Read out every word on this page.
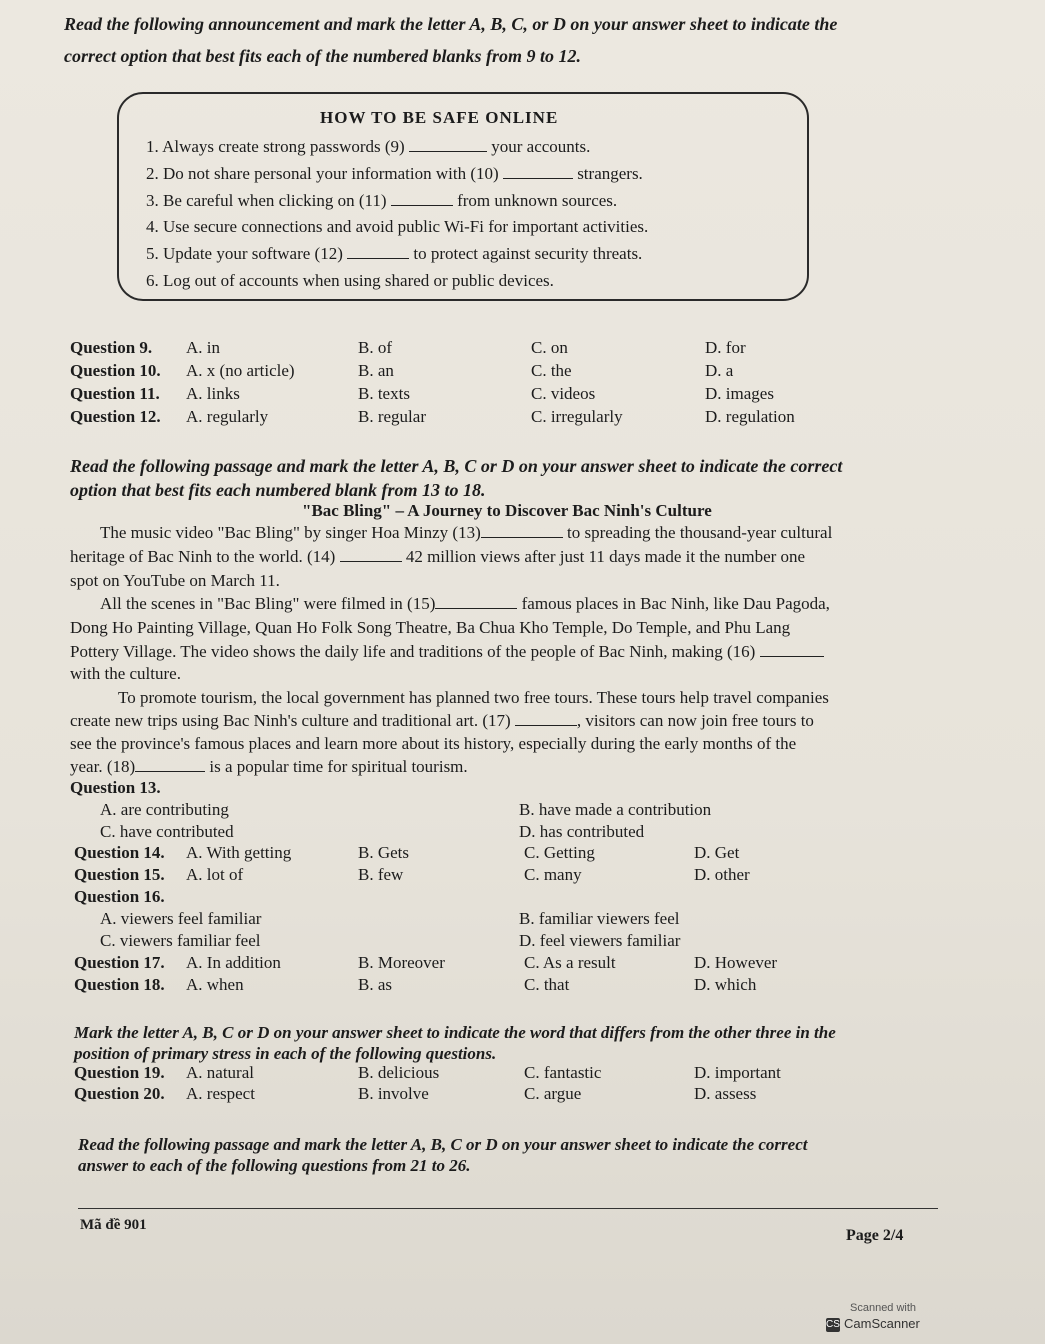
Read the following announcement and mark the letter A, B, C, or D on your answer sheet to indicate the
correct option that best fits each of the numbered blanks from 9 to 12.
HOW TO BE SAFE ONLINE
1. Always create strong passwords (9)	your accounts.
2. Do not share personal your information with (10)	strangers.
3. Be careful when clicking on (11)	from unknown sources.
4. Use secure connections and avoid public Wi-Fi for important activities.
5. Update your software (12)	to protect against security threats.
6. Log out of accounts when using shared or public devices.
Question 9. A. in	B. of	C. on	D. for
Question 10. A. x (no article)	B. an	C. the	D. a
Question 11. A. links	B. texts	C. videos	D. images
Question 12. A. regularly	B. regular	C. irregularly	D. regulation
Read the following passage and mark the letter A, B, C or D on your answer sheet to indicate the correct
option that best fits each numbered blank from 13 to 18.
"Bac Bling" – A Journey to Discover Bac Ninh's Culture
The music video "Bac Bling" by singer Hoa Minzy (13)	to spreading the thousand-year cultural
heritage of Bac Ninh to the world. (14)	42 million views after just 11 days made it the number one
spot on YouTube on March 11.
All the scenes in "Bac Bling" were filmed in (15)	famous places in Bac Ninh, like Dau Pagoda,
Dong Ho Painting Village, Quan Ho Folk Song Theatre, Ba Chua Kho Temple, Do Temple, and Phu Lang
Pottery Village. The video shows the daily life and traditions of the people of Bac Ninh, making (16)
with the culture.
To promote tourism, the local government has planned two free tours. These tours help travel companies
create new trips using Bac Ninh's culture and traditional art. (17)	, visitors can now join free tours to
see the province's famous places and learn more about its history, especially during the early months of the
year. (18)	is a popular time for spiritual tourism.
Question 13.
A. are contributing	B. have made a contribution
C. have contributed	D. has contributed
Question 14. A. With getting	B. Gets	C. Getting	D. Get
Question 15. A. lot of	B. few	C. many	D. other
Question 16.
A. viewers feel familiar	B. familiar viewers feel
C. viewers familiar feel	D. feel viewers familiar
Question 17. A. In addition	B. Moreover	C. As a result	D. However
Question 18. A. when	B. as	C. that	D. which
Mark the letter A, B, C or D on your answer sheet to indicate the word that differs from the other three in the
position of primary stress in each of the following questions.
Question 19. A. natural	B. delicious	C. fantastic	D. important
Question 20. A. respect	B. involve	C. argue	D. assess
Read the following passage and mark the letter A, B, C or D on your answer sheet to indicate the correct
answer to each of the following questions from 21 to 26.
Mã đề 901
Page 2/4
Scanned with
CS CamScanner
